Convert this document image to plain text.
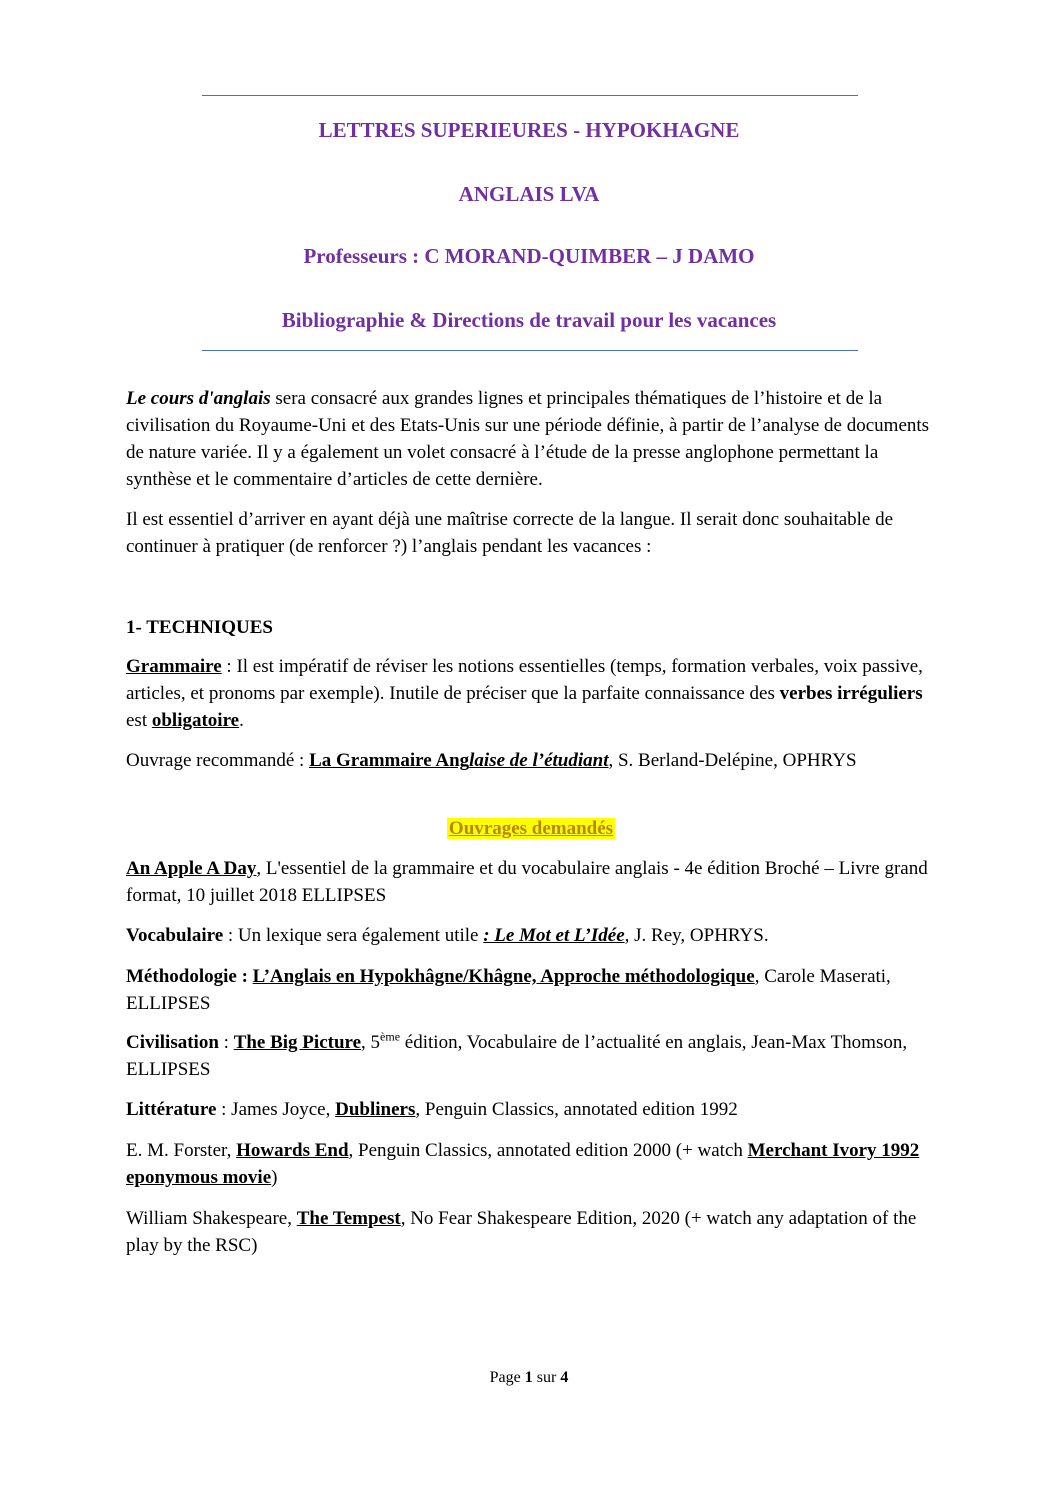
LETTRES SUPERIEURES - HYPOKHAGNE
ANGLAIS LVA
Professeurs : C MORAND-QUIMBER – J DAMO
Bibliographie & Directions de travail pour les vacances

Le cours d'anglais sera consacré aux grandes lignes et principales thématiques de l’histoire et de la civilisation du Royaume-Uni et des Etats-Unis sur une période définie, à partir de l’analyse de documents de nature variée. Il y a également un volet consacré à l’étude de la presse anglophone permettant la synthèse et le commentaire d’articles de cette dernière.

Il est essentiel d’arriver en ayant déjà une maîtrise correcte de la langue. Il serait donc souhaitable de continuer à pratiquer (de renforcer ?) l’anglais pendant les vacances :

1- TECHNIQUES

Grammaire : Il est impératif de réviser les notions essentielles (temps, formation verbales, voix passive, articles, et pronoms par exemple). Inutile de préciser que la parfaite connaissance des verbes irréguliers est obligatoire.

Ouvrage recommandé : La Grammaire Anglaise de l’étudiant, S. Berland-Delépine, OPHRYS

Ouvrages demandés

An Apple A Day, L'essentiel de la grammaire et du vocabulaire anglais - 4e édition Broché – Livre grand format, 10 juillet 2018 ELLIPSES

Vocabulaire : Un lexique sera également utile : Le Mot et L’Idée, J. Rey, OPHRYS.

Méthodologie : L’Anglais en Hypokhâgne/Khâgne, Approche méthodologique, Carole Maserati, ELLIPSES

Civilisation : The Big Picture, 5ème édition, Vocabulaire de l’actualité en anglais, Jean-Max Thomson, ELLIPSES

Littérature : James Joyce, Dubliners, Penguin Classics, annotated edition 1992

E. M. Forster, Howards End, Penguin Classics, annotated edition 2000 (+ watch Merchant Ivory 1992 eponymous movie)

William Shakespeare, The Tempest, No Fear Shakespeare Edition, 2020 (+ watch any adaptation of the play by the RSC)

Page 1 sur 4
